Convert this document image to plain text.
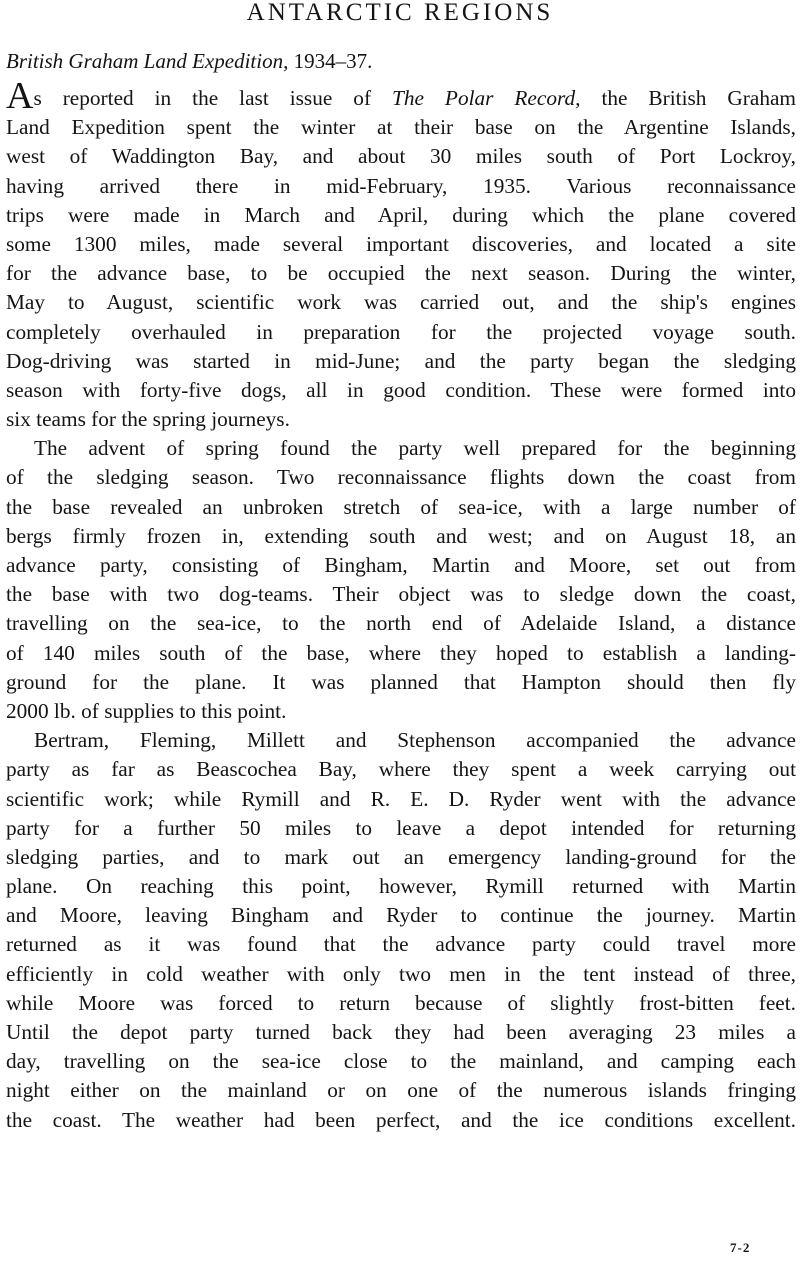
ANTARCTIC REGIONS
British Graham Land Expedition, 1934–37.
As reported in the last issue of The Polar Record, the British Graham
Land Expedition spent the winter at their base on the Argentine Islands,
west of Waddington Bay, and about 30 miles south of Port Lockroy,
having arrived there in mid-February, 1935. Various reconnaissance
trips were made in March and April, during which the plane covered
some 1300 miles, made several important discoveries, and located a site
for the advance base, to be occupied the next season. During the winter,
May to August, scientific work was carried out, and the ship's engines
completely overhauled in preparation for the projected voyage south.
Dog-driving was started in mid-June; and the party began the sledging
season with forty-five dogs, all in good condition. These were formed into
six teams for the spring journeys.
The advent of spring found the party well prepared for the beginning
of the sledging season. Two reconnaissance flights down the coast from
the base revealed an unbroken stretch of sea-ice, with a large number of
bergs firmly frozen in, extending south and west; and on August 18, an
advance party, consisting of Bingham, Martin and Moore, set out from
the base with two dog-teams. Their object was to sledge down the coast,
travelling on the sea-ice, to the north end of Adelaide Island, a distance
of 140 miles south of the base, where they hoped to establish a landing-
ground for the plane. It was planned that Hampton should then fly
2000 lb. of supplies to this point.
Bertram, Fleming, Millett and Stephenson accompanied the advance
party as far as Beascochea Bay, where they spent a week carrying out
scientific work; while Rymill and R. E. D. Ryder went with the advance
party for a further 50 miles to leave a depot intended for returning
sledging parties, and to mark out an emergency landing-ground for the
plane. On reaching this point, however, Rymill returned with Martin
and Moore, leaving Bingham and Ryder to continue the journey. Martin
returned as it was found that the advance party could travel more
efficiently in cold weather with only two men in the tent instead of three,
while Moore was forced to return because of slightly frost-bitten feet.
Until the depot party turned back they had been averaging 23 miles a
day, travelling on the sea-ice close to the mainland, and camping each
night either on the mainland or on one of the numerous islands fringing
the coast. The weather had been perfect, and the ice conditions excellent.
7-2
